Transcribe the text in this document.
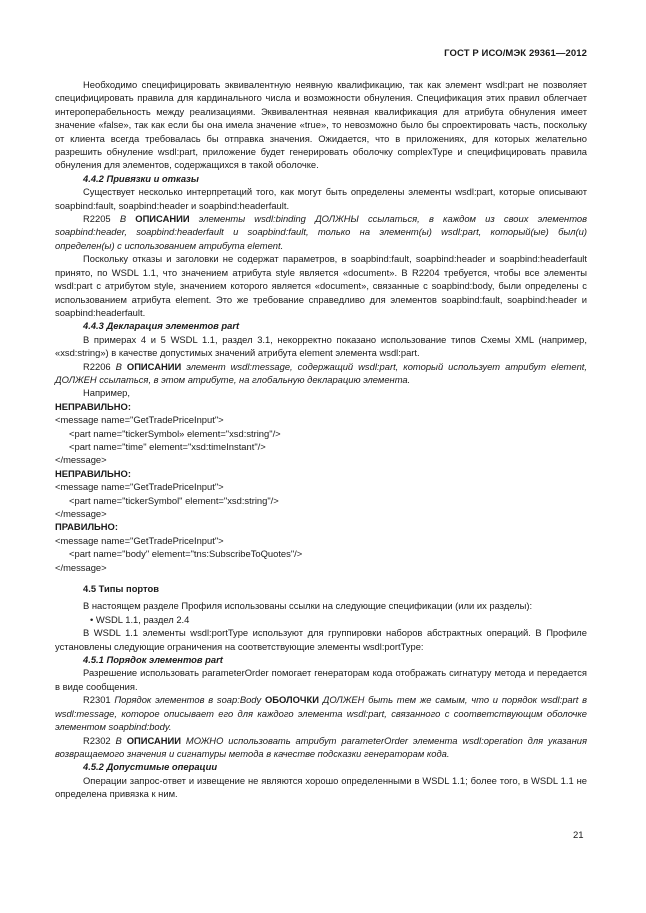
ГОСТ Р ИСО/МЭК 29361—2012

Необходимо специфицировать эквивалентную неявную квалификацию, так как элемент wsdl:part не позволяет специфицировать правила для кардинального числа и возможности обнуления. Спецификация этих правил облегчает интероперабельность между реализациями. Эквивалентная неявная квалификация для атрибута обнуления имеет значение «false», так как если бы она имела значение «true», то невозможно было бы спроектировать часть, поскольку от клиента всегда требовалась бы отправка значения. Ожидается, что в приложениях, для которых желательно разрешить обнуление wsdl:part, приложение будет генерировать оболочку complexType и специфицировать правила обнуления для элементов, содержащихся в такой оболочке.

4.4.2 Привязки и отказы

Существует несколько интерпретаций того, как могут быть определены элементы wsdl:part, которые описывают soapbind:fault, soapbind:header и soapbind:headerfault.

R2205 В ОПИСАНИИ элементы wsdl:binding ДОЛЖНЫ ссылаться, в каждом из своих элементов soapbind:header, soapbind:headerfault и soapbind:fault, только на элемент(ы) wsdl:part, который(ые) был(и) определен(ы) с использованием атрибута element.

Поскольку отказы и заголовки не содержат параметров, в soapbind:fault, soapbind:header и soapbind:headerfault принято, по WSDL 1.1, что значением атрибута style является «document». В R2204 требуется, чтобы все элементы wsdl:part с атрибутом style, значением которого является «document», связанные с soapbind:body, были определены с использованием атрибута element. Это же требование справедливо для элементов soapbind:fault, soapbind:header и soapbind:headerfault.

4.4.3 Декларация элементов part

В примерах 4 и 5 WSDL 1.1, раздел 3.1, некорректно показано использование типов Схемы XML (например, «xsd:string») в качестве допустимых значений атрибута element элемента wsdl:part.

R2206 В ОПИСАНИИ элемент wsdl:message, содержащий wsdl:part, который использует атрибут element, ДОЛЖЕН ссылаться, в этом атрибуте, на глобальную декларацию элемента.

Например,

НЕПРАВИЛЬНО:

<message name="GetTradePriceInput">

<part name="tickerSymbol» element="xsd:string"/>

<part name="time" element="xsd:timeInstant"/>

</message>

НЕПРАВИЛЬНО:

<message name="GetTradePriceInput">

<part name="tickerSymbol" element="xsd:string"/>

</message>

ПРАВИЛЬНО:

<message name="GetTradePriceInput">

<part name="body" element="tns:SubscribeToQuotes"/>

</message>

4.5 Типы портов

В настоящем разделе Профиля использованы ссылки на следующие спецификации (или их разделы):

• WSDL 1.1, раздел 2.4

В WSDL 1.1 элементы wsdl:portType используют для группировки наборов абстрактных операций. В Профиле установлены следующие ограничения на соответствующие элементы wsdl:portType:

4.5.1 Порядок элементов part

Разрешение использовать parameterOrder помогает генераторам кода отображать сигнатуру метода и передается в виде сообщения.

R2301 Порядок элементов в soap:Body ОБОЛОЧКИ ДОЛЖЕН быть тем же самым, что и порядок wsdl:part в wsdl:message, которое описывает его для каждого элемента wsdl:part, связанного с соответствующим оболочке элементом soapbind:body.

R2302 В ОПИСАНИИ МОЖНО использовать атрибут parameterOrder элемента wsdl:operation для указания возвращаемого значения и сигнатуры метода в качестве подсказки генераторам кода.

4.5.2 Допустимые операции

Операции запрос-ответ и извещение не являются хорошо определенными в WSDL 1.1; более того, в WSDL 1.1 не определена привязка к ним.

21
